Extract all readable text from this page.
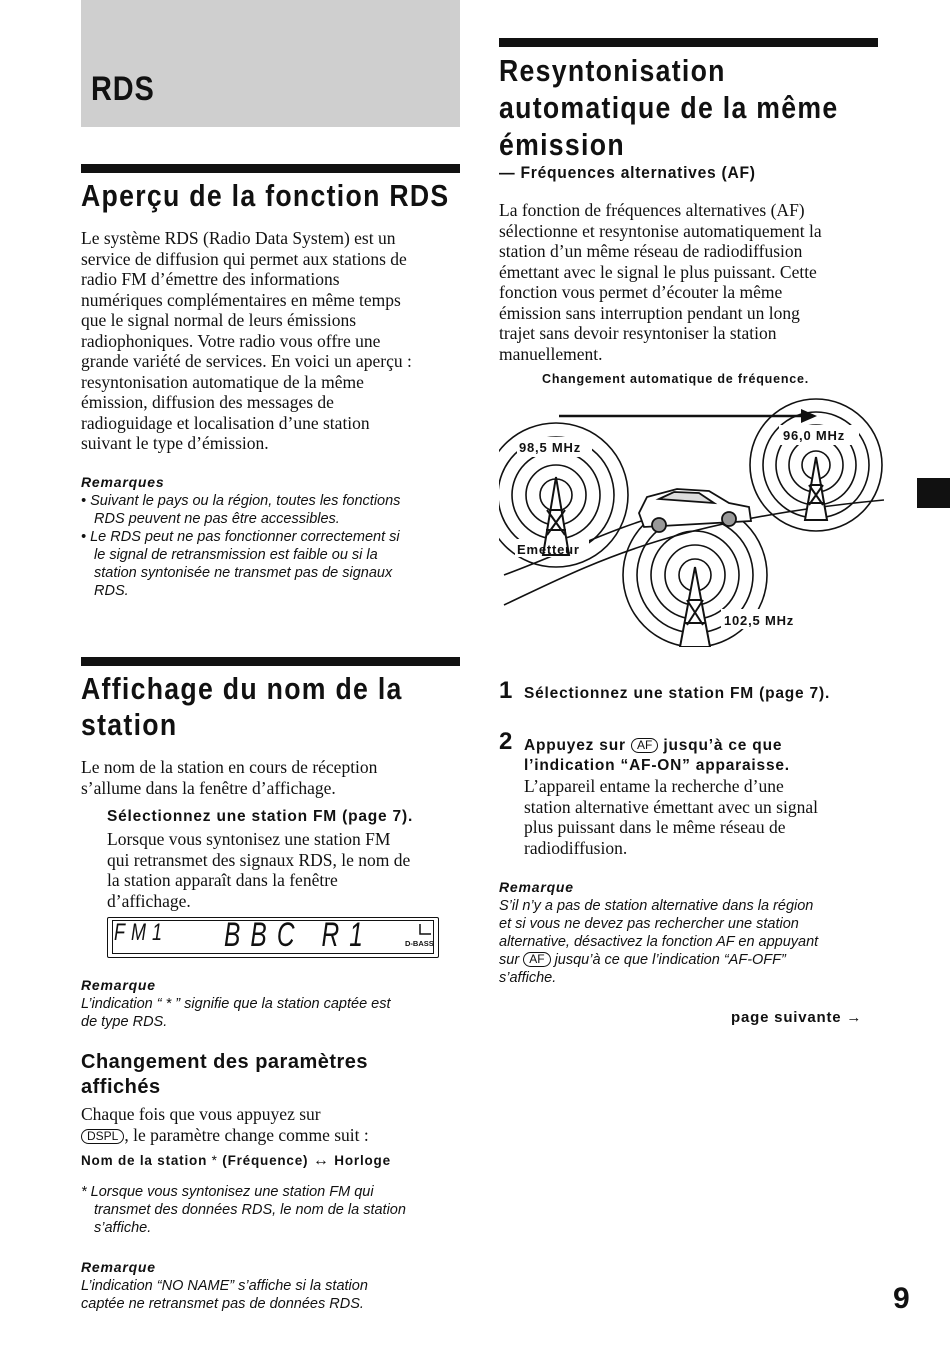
RDS
Aperçu de la fonction RDS
Le système RDS (Radio Data System) est un
service de diffusion qui permet aux stations de
radio FM d’émettre des informations
numériques complémentaires en même temps
que le signal normal de leurs émissions
radiophoniques. Votre radio vous offre une
grande variété de services. En voici un aperçu :
resyntonisation automatique de la même
émission, diffusion des messages de
radioguidage et localisation d’une station
suivant le type d’émission.
Remarques
• Suivant le pays ou la région, toutes les fonctions
RDS peuvent ne pas être accessibles.
• Le RDS peut ne pas fonctionner correctement si
le signal de retransmission est faible ou si la
station syntonisée ne transmet pas de signaux
RDS.
Affichage du nom de la
station
Le nom de la station en cours de réception
s’allume dans la fenêtre d’affichage.
Sélectionnez une station FM (page 7).
Lorsque vous syntonisez une station FM
qui retransmet des signaux RDS, le nom de
la station apparaît dans la fenêtre
d’affichage.
FM1 BBC R1	D-BASS
Remarque
L’indication “ * ” signifie que la station captée est
de type RDS.
Changement des paramètres
affichés
Chaque fois que vous appuyez sur
DSPL , le paramètre change comme suit :
Nom de la station * (Fréquence) ↔ Horloge
* Lorsque vous syntonisez une station FM qui
transmet des données RDS, le nom de la station
s’affiche.
Remarque
L’indication “NO NAME” s’affiche si la station
captée ne retransmet pas de données RDS.
Resyntonisation
automatique de la même
émission
— Fréquences alternatives (AF)
La fonction de fréquences alternatives (AF)
sélectionne et resyntonise automatiquement la
station d’un même réseau de radiodiffusion
émettant avec le signal le plus puissant. Cette
fonction vous permet d’écouter la même
émission sans interruption pendant un long
trajet sans devoir resyntoniser la station
manuellement.
Changement automatique de fréquence.
98,5 MHz
96,0 MHz
102,5 MHz
Emetteur
1 Sélectionnez une station FM (page 7).
2 Appuyez sur AF jusqu’à ce que
l’indication “AF-ON” apparaisse.
L’appareil entame la recherche d’une
station alternative émettant avec un signal
plus puissant dans le même réseau de
radiodiffusion.
Remarque
S’il n’y a pas de station alternative dans la région
et si vous ne devez pas rechercher une station
alternative, désactivez la fonction AF en appuyant
sur AF jusqu’à ce que l’indication “AF-OFF”
s’affiche.
page suivante →
9
